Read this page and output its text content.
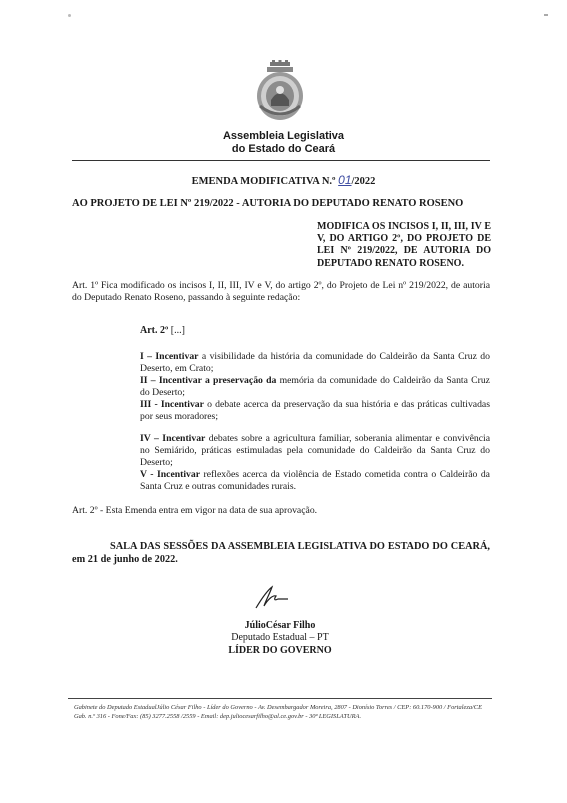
Assembleia Legislativa
do Estado do Ceará
EMENDA MODIFICATIVA N.º 01/2022
AO PROJETO DE LEI Nº 219/2022 - AUTORIA DO DEPUTADO RENATO ROSENO
MODIFICA OS INCISOS I, II, III, IV E V, DO ARTIGO 2º, DO PROJETO DE LEI Nº 219/2022, DE AUTORIA DO DEPUTADO RENATO ROSENO.
Art. 1º Fica modificado os incisos I, II, III, IV e V, do artigo 2º, do Projeto de Lei nº 219/2022, de autoria do Deputado Renato Roseno, passando à seguinte redação:
Art. 2º [...]
I – Incentivar a visibilidade da história da comunidade do Caldeirão da Santa Cruz do Deserto, em Crato;
II – Incentivar a preservação da memória da comunidade do Caldeirão da Santa Cruz do Deserto;
III - Incentivar o debate acerca da preservação da sua história e das práticas cultivadas por seus moradores;
IV – Incentivar debates sobre a agricultura familiar, soberania alimentar e convivência no Semiárido, práticas estimuladas pela comunidade do Caldeirão da Santa Cruz do Deserto;
V - Incentivar reflexões acerca da violência de Estado cometida contra o Caldeirão da Santa Cruz e outras comunidades rurais.
Art. 2º - Esta Emenda entra em vigor na data de sua aprovação.
SALA DAS SESSÕES DA ASSEMBLEIA LEGISLATIVA DO ESTADO DO CEARÁ, em 21 de junho de 2022.
JúlioCésar Filho
Deputado Estadual – PT
LÍDER DO GOVERNO
Gabinete do Deputado EstadualJúlio César Filho - Líder do Governo - Av. Desembargador Moreira, 2807 - Dionísio Torres / CEP: 60.170-900 / Fortaleza/CE Gab. n.º 316 - Fone/Fax: (85) 3277.2558 /2559 - Email: dep.juliocesarfilho@al.ce.gov.br - 30ª LEGISLATURA.
